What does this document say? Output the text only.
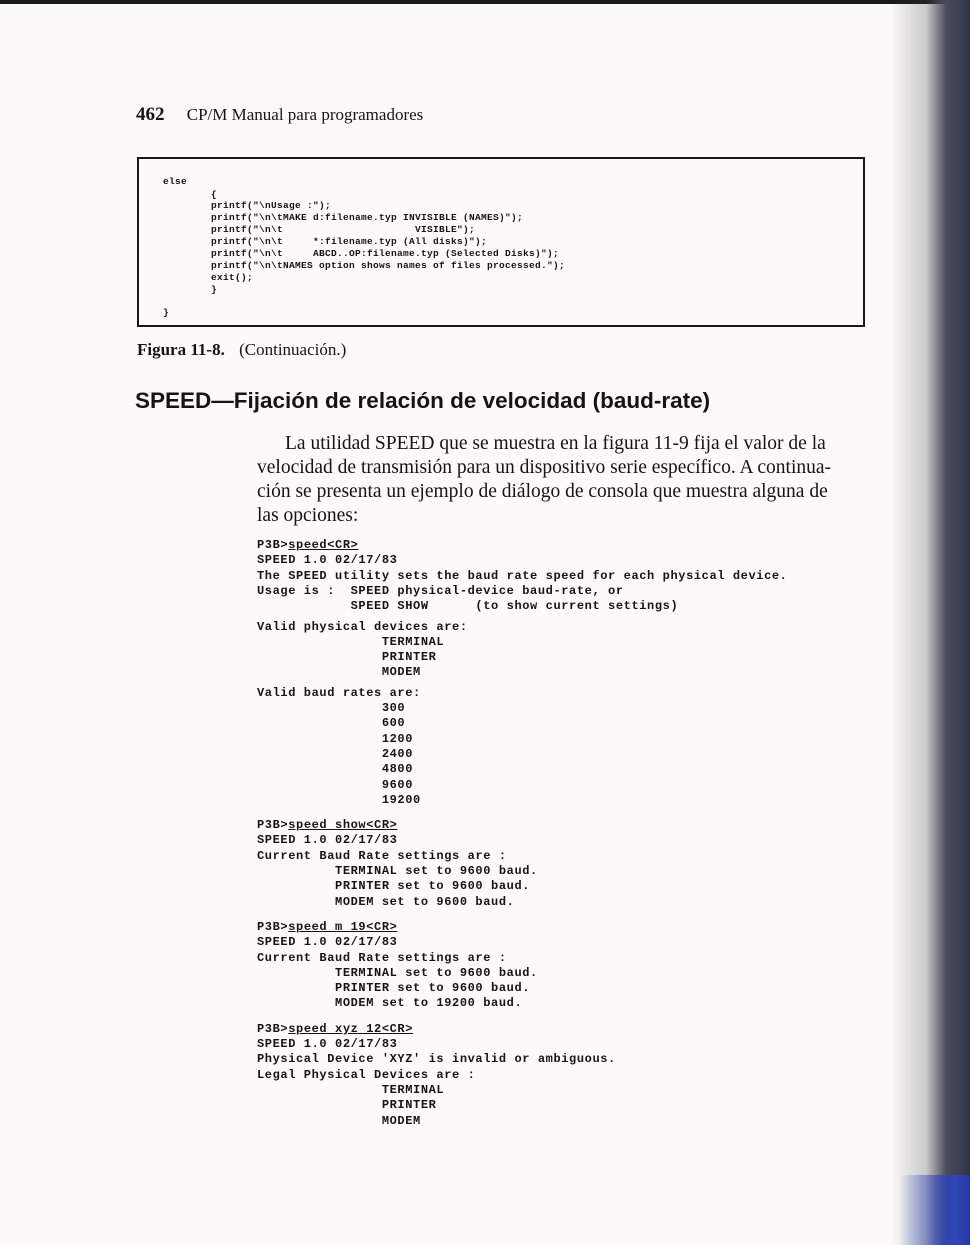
462 CP/M Manual para programadores
else
{
printf("\nUsage :");
printf("\n\tMAKE d:filename.typ INVISIBLE (NAMES)");
printf("\n\t                      VISIBLE");
printf("\n\t     *:filename.typ (All disks)");
printf("\n\t     ABCD..OP:filename.typ (Selected Disks)");
printf("\n\tNAMES option shows names of files processed.");
exit();
}
}
Figura 11-8. (Continuación.)
SPEED—Fijación de relación de velocidad (baud-rate)
La utilidad SPEED que se muestra en la figura 11-9 fija el valor de la
velocidad de transmisión para un dispositivo serie específico. A continua-
ción se presenta un ejemplo de diálogo de consola que muestra alguna de
las opciones:
P3B>speed<CR>
SPEED 1.0 02/17/83
The SPEED utility sets the baud rate speed for each physical device.
Usage is :  SPEED physical-device baud-rate, or
SPEED SHOW      (to show current settings)
Valid physical devices are:
TERMINAL
PRINTER
MODEM
Valid baud rates are:
300
600
1200
2400
4800
9600
19200
P3B>speed show<CR>
SPEED 1.0 02/17/83
Current Baud Rate settings are :
TERMINAL set to 9600 baud.
PRINTER set to 9600 baud.
MODEM set to 9600 baud.
P3B>speed m 19<CR>
SPEED 1.0 02/17/83
Current Baud Rate settings are :
TERMINAL set to 9600 baud.
PRINTER set to 9600 baud.
MODEM set to 19200 baud.
P3B>speed xyz 12<CR>
SPEED 1.0 02/17/83
Physical Device 'XYZ' is invalid or ambiguous.
Legal Physical Devices are :
TERMINAL
PRINTER
MODEM
